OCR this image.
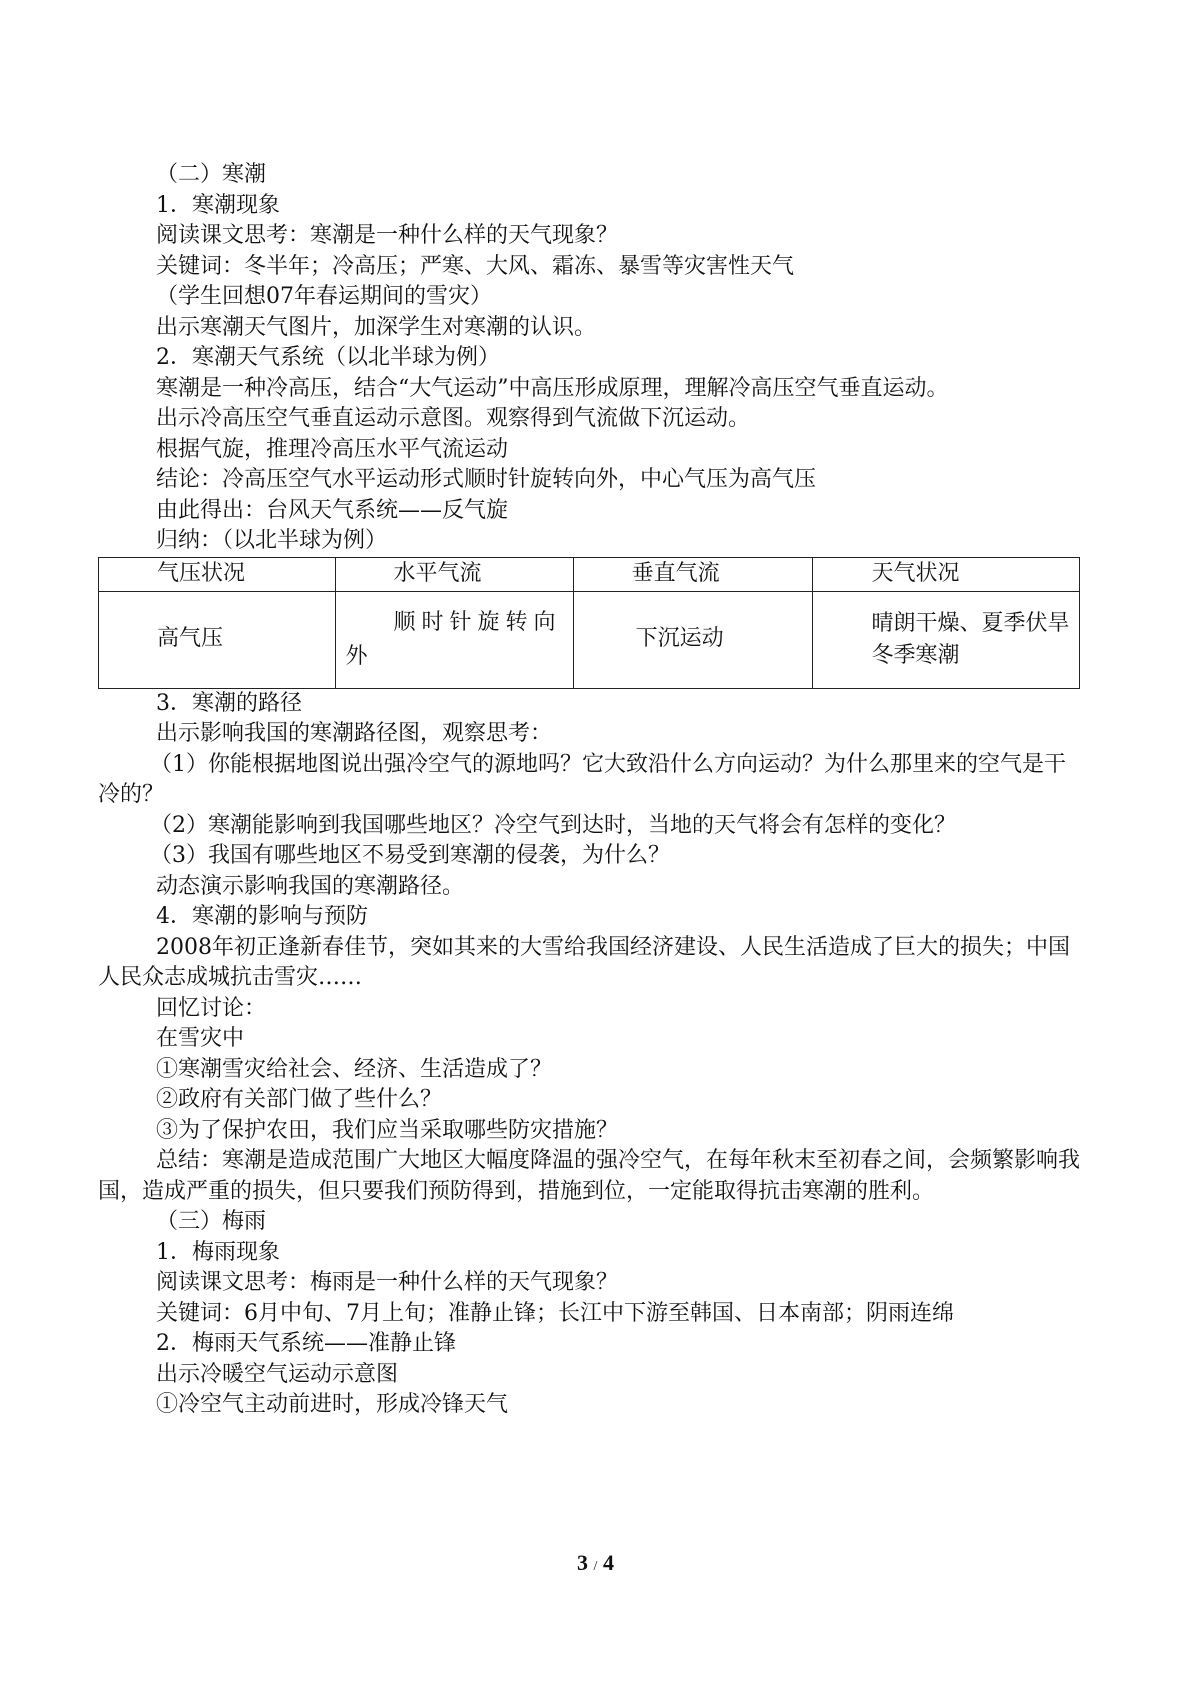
（二）寒潮

1．寒潮现象

阅读课文思考：寒潮是一种什么样的天气现象？

关键词：冬半年；冷高压；严寒、大风、霜冻、暴雪等灾害性天气

（学生回想07年春运期间的雪灾）

出示寒潮天气图片，加深学生对寒潮的认识。

2．寒潮天气系统（以北半球为例）

寒潮是一种冷高压，结合“大气运动”中高压形成原理，理解冷高压空气垂直运动。

出示冷高压空气垂直运动示意图。观察得到气流做下沉运动。

根据气旋，推理冷高压水平气流运动

结论：冷高压空气水平运动形式顺时针旋转向外，中心气压为高气压

由此得出：台风天气系统——反气旋

归纳：（以北半球为例）

气压状况	水平气流	垂直气流	天气状况
高气压	顺时针旋转向外	下沉运动	晴朗干燥、夏季伏旱
冬季寒潮

3．寒潮的路径

出示影响我国的寒潮路径图，观察思考：

（1）你能根据地图说出强冷空气的源地吗？它大致沿什么方向运动？为什么那里来的空气是干冷的？

（2）寒潮能影响到我国哪些地区？冷空气到达时，当地的天气将会有怎样的变化？

（3）我国有哪些地区不易受到寒潮的侵袭，为什么？

动态演示影响我国的寒潮路径。

4．寒潮的影响与预防

2008年初正逢新春佳节，突如其来的大雪给我国经济建设、人民生活造成了巨大的损失；中国人民众志成城抗击雪灾……

回忆讨论：

在雪灾中

①寒潮雪灾给社会、经济、生活造成了？

②政府有关部门做了些什么？

③为了保护农田，我们应当采取哪些防灾措施？

总结：寒潮是造成范围广大地区大幅度降温的强冷空气，在每年秋末至初春之间，会频繁影响我国，造成严重的损失，但只要我们预防得到，措施到位，一定能取得抗击寒潮的胜利。

（三）梅雨

1．梅雨现象

阅读课文思考：梅雨是一种什么样的天气现象？

关键词：6月中旬、7月上旬；准静止锋；长江中下游至韩国、日本南部；阴雨连绵

2．梅雨天气系统——准静止锋

出示冷暖空气运动示意图

①冷空气主动前进时，形成冷锋天气

3 / 4
